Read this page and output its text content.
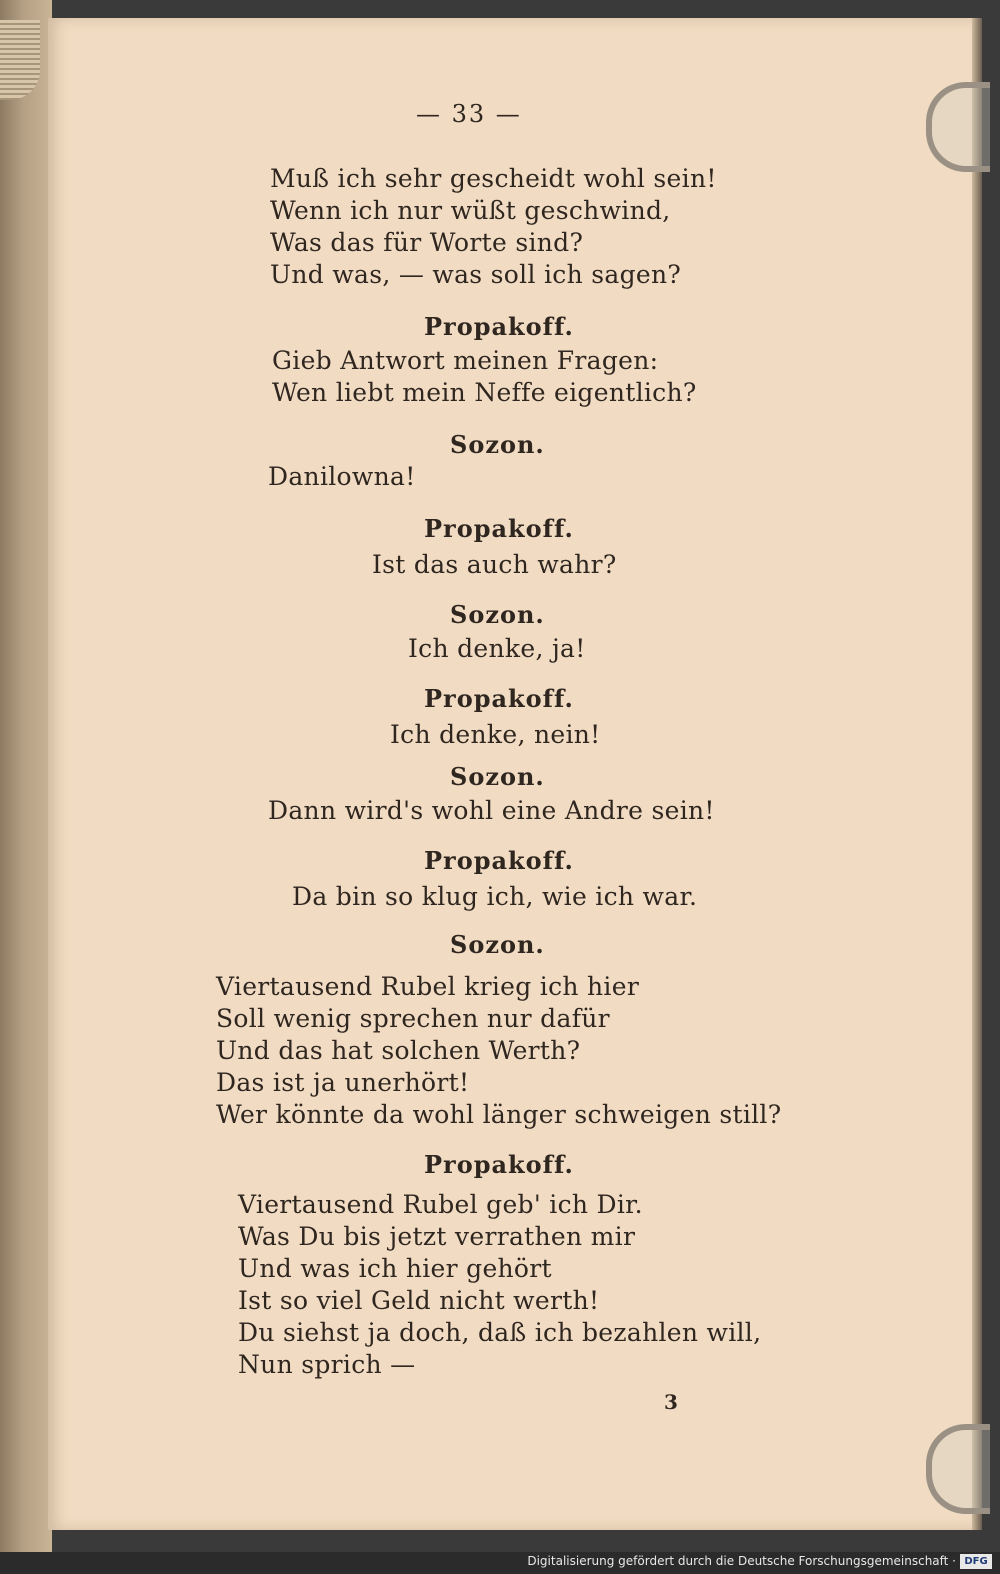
— 33 —
Muß ich sehr gescheidt wohl sein!
Wenn ich nur wüßt geschwind,
Was das für Worte sind?
Und was, — was soll ich sagen?
Propakoff.
Gieb Antwort meinen Fragen:
Wen liebt mein Neffe eigentlich?
Sozon.
Danilowna!
Propakoff.
Ist das auch wahr?
Sozon.
Ich denke, ja!
Propakoff.
Ich denke, nein!
Sozon.
Dann wird's wohl eine Andre sein!
Propakoff.
Da bin so klug ich, wie ich war.
Sozon.
Viertausend Rubel krieg ich hier
Soll wenig sprechen nur dafür
Und das hat solchen Werth?
Das ist ja unerhört!
Wer könnte da wohl länger schweigen still?
Propakoff.
Viertausend Rubel geb' ich Dir.
Was Du bis jetzt verrathen mir
Und was ich hier gehört
Ist so viel Geld nicht werth!
Du siehst ja doch, daß ich bezahlen will,
Nun sprich —
3
Digitalisierung gefördert durch die Deutsche Forschungsgemeinschaft · DFG
